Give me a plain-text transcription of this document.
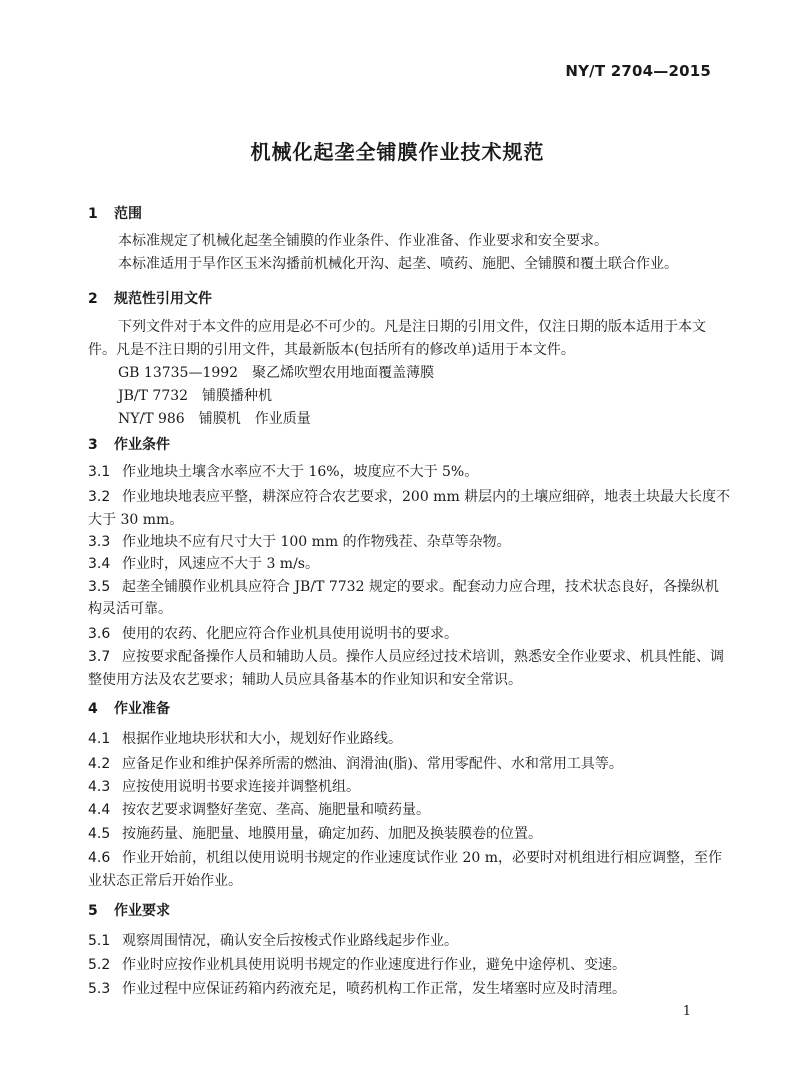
NY/T 2704—2015
机械化起垄全铺膜作业技术规范
1 范围
本标准规定了机械化起垄全铺膜的作业条件、作业准备、作业要求和安全要求。
本标准适用于旱作区玉米沟播前机械化开沟、起垄、喷药、施肥、全铺膜和覆土联合作业。
2 规范性引用文件
下列文件对于本文件的应用是必不可少的。凡是注日期的引用文件，仅注日期的版本适用于本文
件。凡是不注日期的引用文件，其最新版本(包括所有的修改单)适用于本文件。
GB 13735—1992　聚乙烯吹塑农用地面覆盖薄膜
JB/T 7732　铺膜播种机
NY/T 986　铺膜机　作业质量
3 作业条件
3.1 作业地块土壤含水率应不大于 16%，坡度应不大于 5%。
3.2 作业地块地表应平整，耕深应符合农艺要求，200 mm 耕层内的土壤应细碎，地表土块最大长度不
大于 30 mm。
3.3 作业地块不应有尺寸大于 100 mm 的作物残茬、杂草等杂物。
3.4 作业时，风速应不大于 3 m/s。
3.5 起垄全铺膜作业机具应符合 JB/T 7732 规定的要求。配套动力应合理，技术状态良好，各操纵机
构灵活可靠。
3.6 使用的农药、化肥应符合作业机具使用说明书的要求。
3.7 应按要求配备操作人员和辅助人员。操作人员应经过技术培训，熟悉安全作业要求、机具性能、调
整使用方法及农艺要求；辅助人员应具备基本的作业知识和安全常识。
4 作业准备
4.1 根据作业地块形状和大小，规划好作业路线。
4.2 应备足作业和维护保养所需的燃油、润滑油(脂)、常用零配件、水和常用工具等。
4.3 应按使用说明书要求连接并调整机组。
4.4 按农艺要求调整好垄宽、垄高、施肥量和喷药量。
4.5 按施药量、施肥量、地膜用量，确定加药、加肥及换装膜卷的位置。
4.6 作业开始前，机组以使用说明书规定的作业速度试作业 20 m，必要时对机组进行相应调整，至作
业状态正常后开始作业。
5 作业要求
5.1 观察周围情况，确认安全后按梭式作业路线起步作业。
5.2 作业时应按作业机具使用说明书规定的作业速度进行作业，避免中途停机、变速。
5.3 作业过程中应保证药箱内药液充足，喷药机构工作正常，发生堵塞时应及时清理。
1
